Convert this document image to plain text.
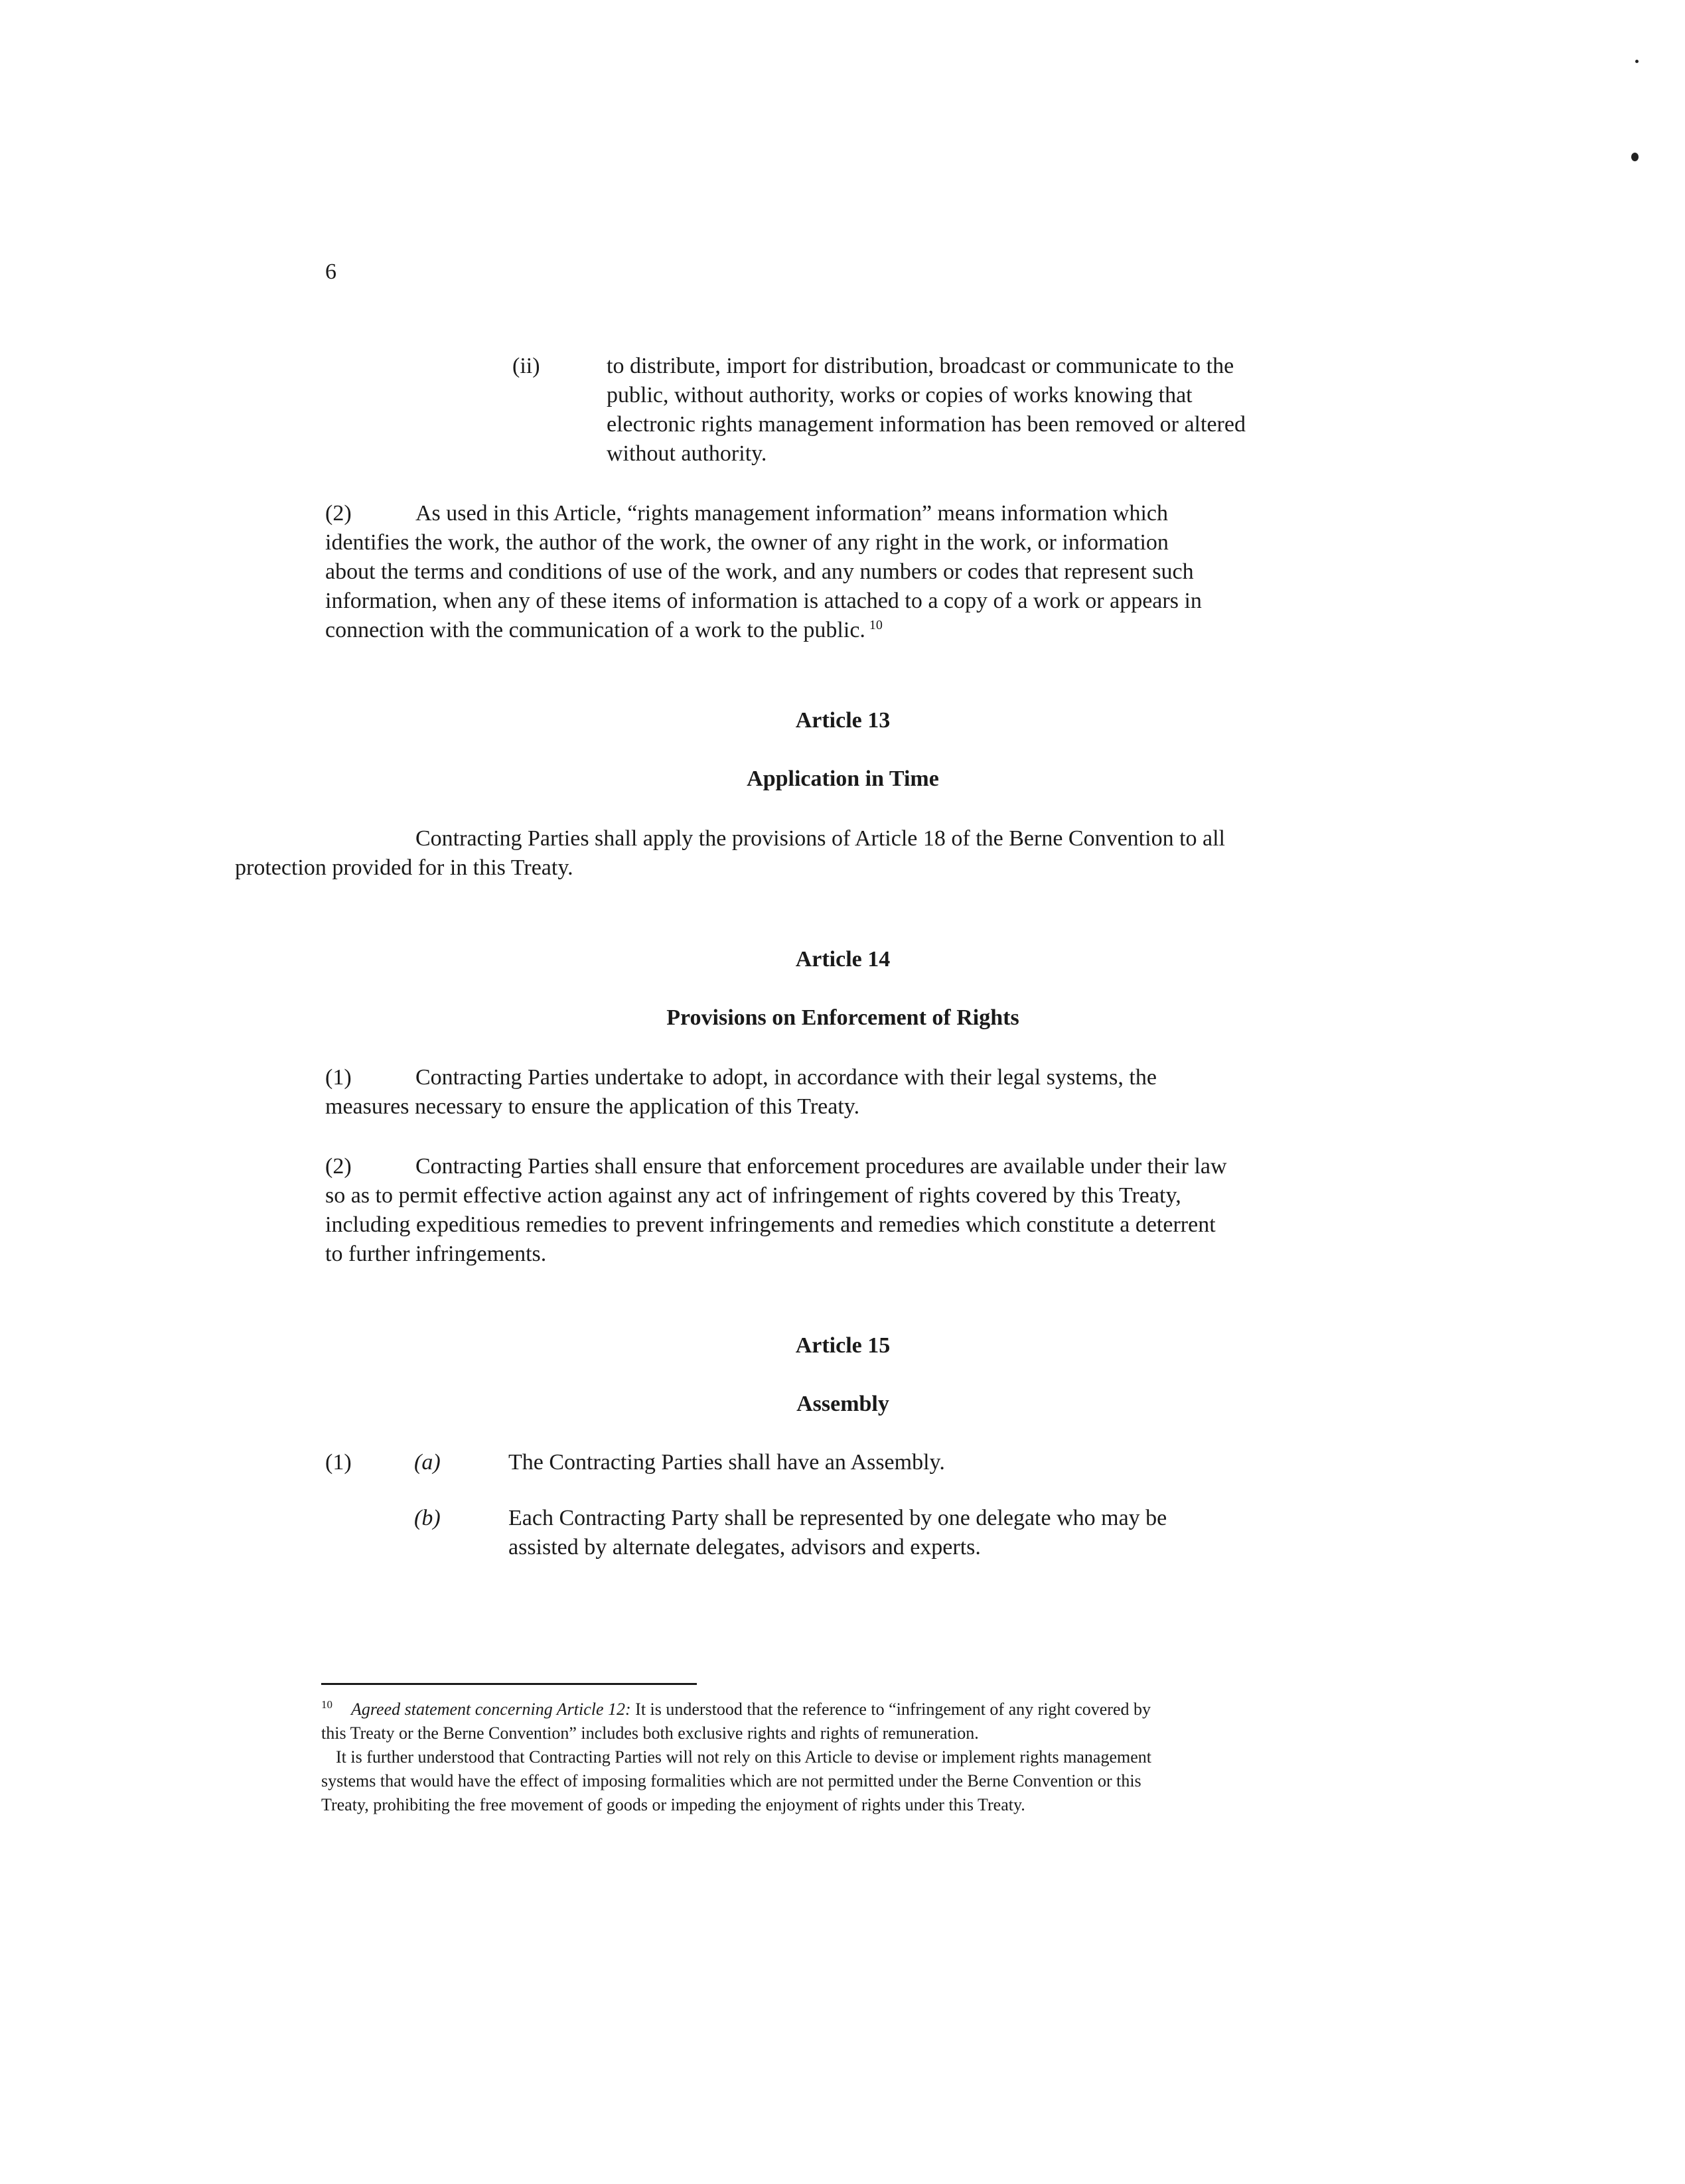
6
(ii)	to distribute, import for distribution, broadcast or communicate to the
public, without authority, works or copies of works knowing that
electronic rights management information has been removed or altered
without authority.
(2)	As used in this Article, “rights management information” means information which
identifies the work, the author of the work, the owner of any right in the work, or information
about the terms and conditions of use of the work, and any numbers or codes that represent such
information, when any of these items of information is attached to a copy of a work or appears in
connection with the communication of a work to the public. $^{10}$
Article 13
Application in Time
Contracting Parties shall apply the provisions of Article 18 of the Berne Convention to all
protection provided for in this Treaty.
Article 14
Provisions on Enforcement of Rights
(1)	Contracting Parties undertake to adopt, in accordance with their legal systems, the
measures necessary to ensure the application of this Treaty.
(2)	Contracting Parties shall ensure that enforcement procedures are available under their law
so as to permit effective action against any act of infringement of rights covered by this Treaty,
including expeditious remedies to prevent infringements and remedies which constitute a deterrent
to further infringements.
Article 15
Assembly
(1)	(a)	The Contracting Parties shall have an Assembly.
(b)	Each Contracting Party shall be represented by one delegate who may be
assisted by alternate delegates, advisors and experts.
$^{10}$ Agreed statement concerning Article 12: It is understood that the reference to “infringement of any right covered by
this Treaty or the Berne Convention” includes both exclusive rights and rights of remuneration.
It is further understood that Contracting Parties will not rely on this Article to devise or implement rights management
systems that would have the effect of imposing formalities which are not permitted under the Berne Convention or this
Treaty, prohibiting the free movement of goods or impeding the enjoyment of rights under this Treaty.
